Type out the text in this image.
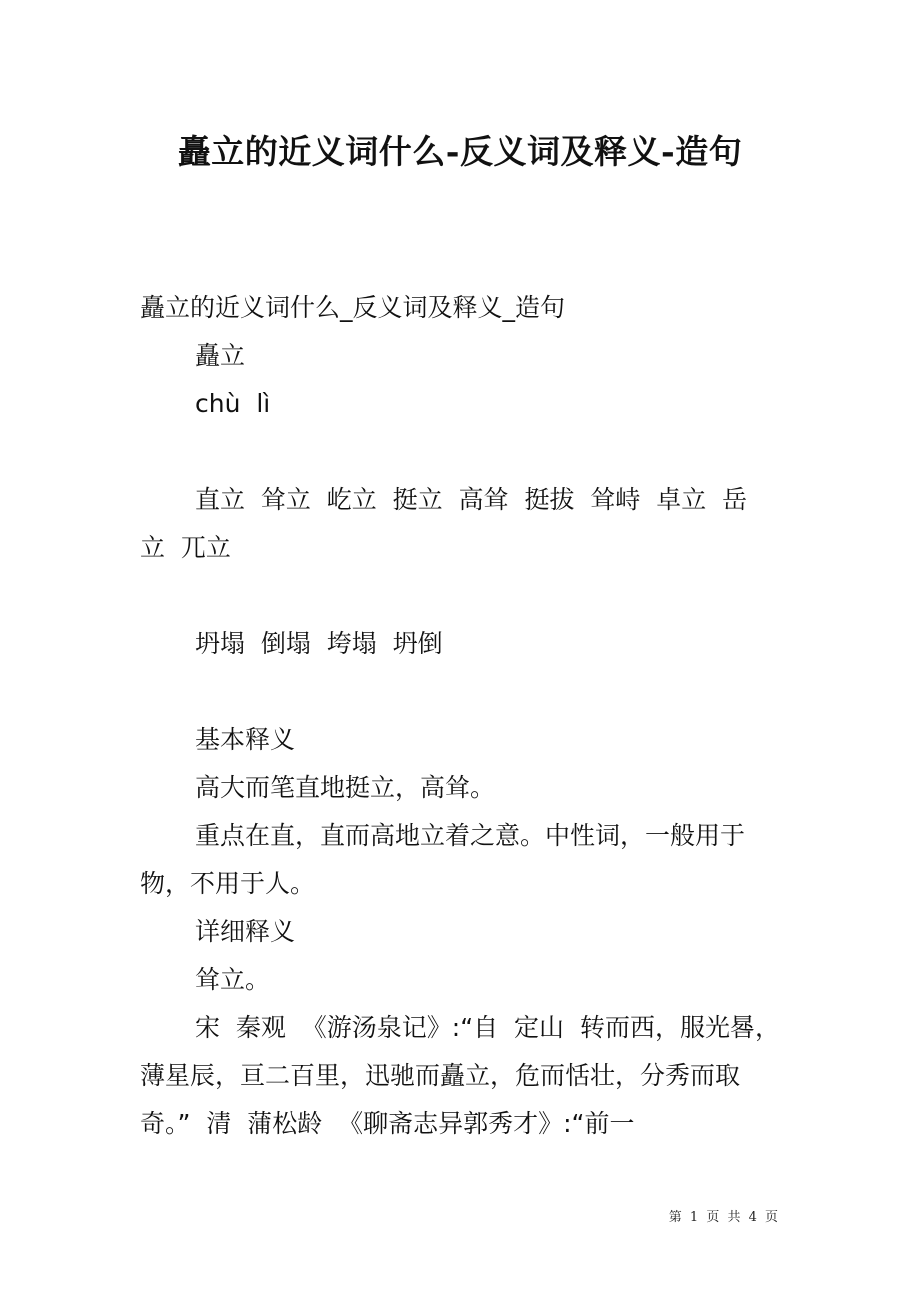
矗立的近义词什么-反义词及释义-造句

矗立的近义词什么_反义词及释义_造句

矗立

chù  lì

直立  耸立  屹立  挺立  高耸  挺拔  耸峙  卓立  岳

立  兀立

坍塌  倒塌  垮塌  坍倒

基本释义

高大而笔直地挺立，高耸。

重点在直，直而高地立着之意。中性词，一般用于物，不用于人。

详细释义

耸立。

宋  秦观  《游汤泉记》:“自  定山  转而西，服光晷，薄星辰，亘二百里，迅驰而矗立，危而恬壮，分秀而取奇。”  清  蒲松龄  《聊斋志异郭秀才》:“前一

第 1 页 共 4 页
